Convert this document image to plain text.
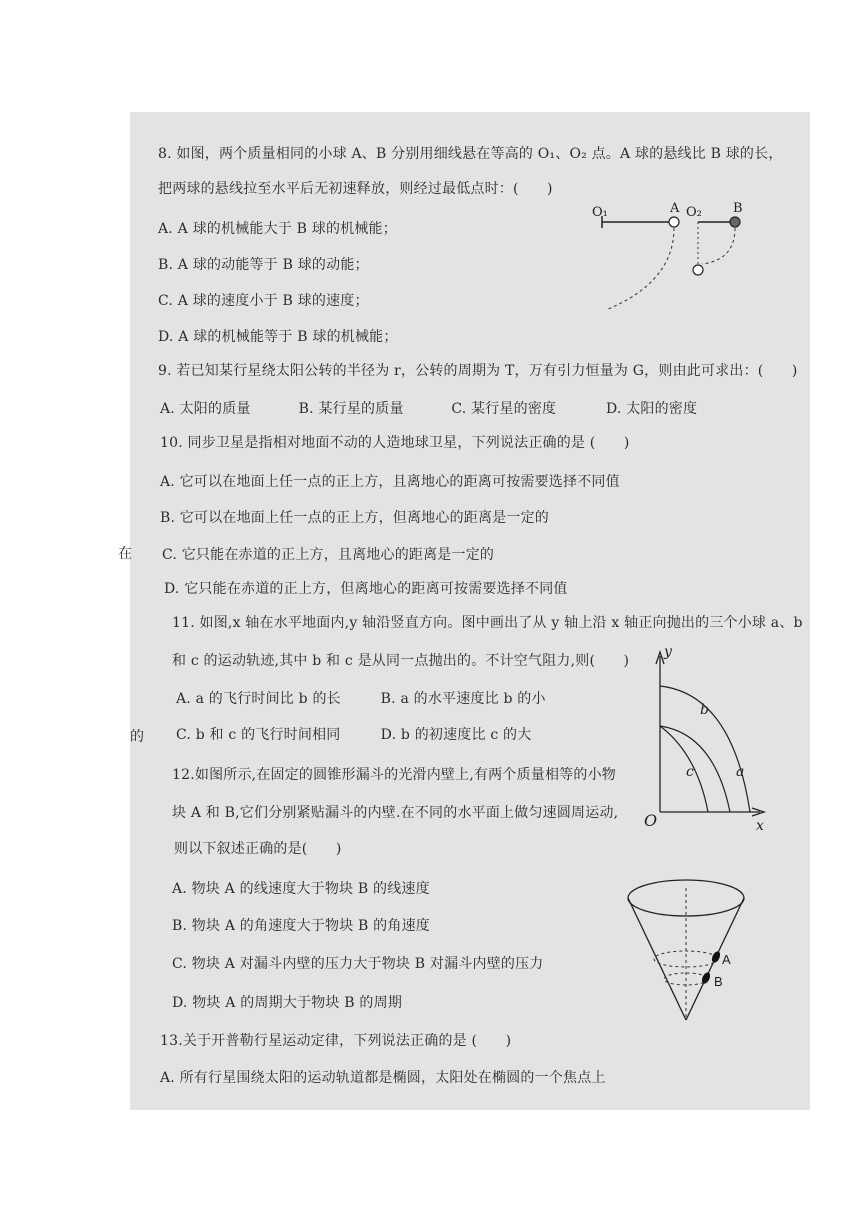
8. 如图，两个质量相同的小球 A、B 分别用细线悬在等高的 O₁、O₂ 点。A 球的悬线比 B 球的长，
把两球的悬线拉至水平后无初速释放，则经过最低点时：(　　)
A. A 球的机械能大于 B 球的机械能；
B. A 球的动能等于 B 球的动能；
C. A 球的速度小于 B 球的速度；
D. A 球的机械能等于 B 球的机械能；
O₁	A O₂ B
9. 若已知某行星绕太阳公转的半径为 r，公转的周期为 T，万有引力恒量为 G，则由此可求出：(　　)
A. 太阳的质量	B. 某行星的质量	C. 某行星的密度	D. 太阳的密度
10. 同步卫星是指相对地面不动的人造地球卫星，下列说法正确的是 (　　)
A. 它可以在地面上任一点的正上方，且离地心的距离可按需要选择不同值
B. 它可以在地面上任一点的正上方，但离地心的距离是一定的
C. 它只能在赤道的正上方，且离地心的距离是一定的
D. 它只能在赤道的正上方，但离地心的距离可按需要选择不同值
11. 如图,x 轴在水平地面内,y 轴沿竖直方向。图中画出了从 y 轴上沿 x 轴正向抛出的三个小球 a、b
和 c 的运动轨迹,其中 b 和 c 是从同一点抛出的。不计空气阻力,则(　　)
A. a 的飞行时间比 b 的长	B. a 的水平速度比 b 的小
C. b 和 c 的飞行时间相同	D. b 的初速度比 c 的大
y
x
O
b
c	a
12.如图所示,在固定的圆锥形漏斗的光滑内壁上,有两个质量相等的小物
块 A 和 B,它们分别紧贴漏斗的内壁.在不同的水平面上做匀速圆周运动,
则以下叙述正确的是(　　)
A. 物块 A 的线速度大于物块 B 的线速度
B. 物块 A 的角速度大于物块 B 的角速度
C. 物块 A 对漏斗内壁的压力大于物块 B 对漏斗内壁的压力
D. 物块 A 的周期大于物块 B 的周期
A
B
13.关于开普勒行星运动定律，下列说法正确的是 (　　)
A. 所有行星围绕太阳的运动轨道都是椭圆，太阳处在椭圆的一个焦点上
在
的
